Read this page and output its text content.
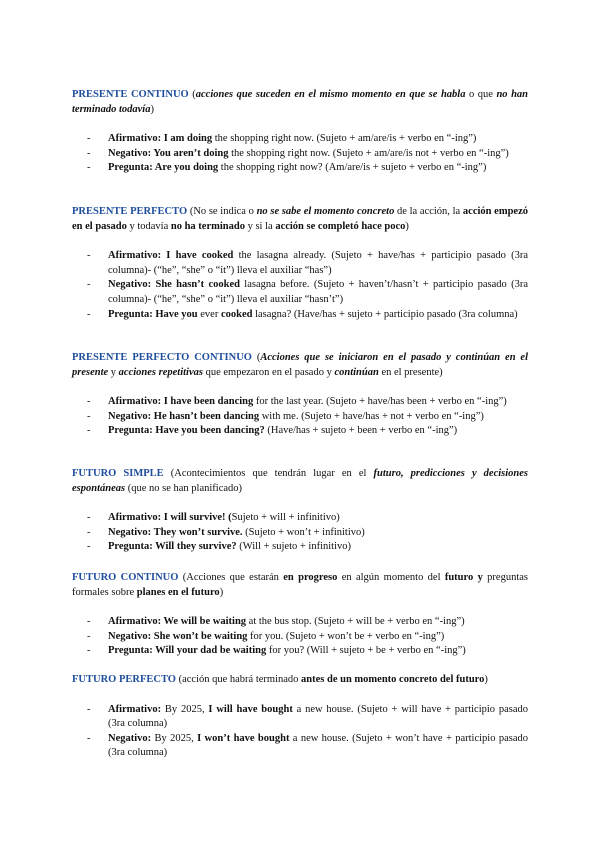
PRESENTE CONTINUO (acciones que suceden en el mismo momento en que se habla o que no han terminado todavía)
- Afirmativo: I am doing the shopping right now. (Sujeto + am/are/is + verbo en “-ing”)
- Negativo: You aren’t doing the shopping right now. (Sujeto + am/are/is not + verbo en “-ing”)
- Pregunta: Are you doing the shopping right now? (Am/are/is + sujeto + verbo en “-ing”)
PRESENTE PERFECTO (No se indica o no se sabe el momento concreto de la acción, la acción empezó en el pasado y todavía no ha terminado y si la acción se completó hace poco)
- Afirmativo: I have cooked the lasagna already. (Sujeto + have/has + participio pasado (3ra columna)- (“he”, “she” o “it”) lleva el auxiliar “has”)
- Negativo: She hasn’t cooked lasagna before. (Sujeto + haven’t/hasn’t + participio pasado (3ra columna)- (“he”, “she” o “it”) lleva el auxiliar “hasn’t”)
- Pregunta: Have you ever cooked lasagna? (Have/has + sujeto + participio pasado (3ra columna)
PRESENTE PERFECTO CONTINUO (Acciones que se iniciaron en el pasado y continúan en el presente y acciones repetitivas que empezaron en el pasado y continúan en el presente)
- Afirmativo: I have been dancing for the last year. (Sujeto + have/has been + verbo en “-ing”)
- Negativo: He hasn’t been dancing with me. (Sujeto + have/has + not + verbo en “-ing”)
- Pregunta: Have you been dancing? (Have/has + sujeto + been + verbo en “-ing”)
FUTURO SIMPLE (Acontecimientos que tendrán lugar en el futuro, predicciones y decisiones espontáneas (que no se han planificado)
- Afirmativo: I will survive! (Sujeto + will + infinitivo)
- Negativo: They won’t survive. (Sujeto + won’t + infinitivo)
- Pregunta: Will they survive? (Will + sujeto + infinitivo)
FUTURO CONTINUO (Acciones que estarán en progreso en algún momento del futuro y preguntas formales sobre planes en el futuro)
- Afirmativo: We will be waiting at the bus stop. (Sujeto + will be + verbo en “-ing”)
- Negativo: She won’t be waiting for you. (Sujeto + won’t be + verbo en “-ing”)
- Pregunta: Will your dad be waiting for you? (Will + sujeto + be + verbo en “-ing”)
FUTURO PERFECTO (acción que habrá terminado antes de un momento concreto del futuro)
- Afirmativo: By 2025, I will have bought a new house. (Sujeto + will have + participio pasado (3ra columna)
- Negativo: By 2025, I won’t have bought a new house. (Sujeto + won’t have + participio pasado (3ra columna)
